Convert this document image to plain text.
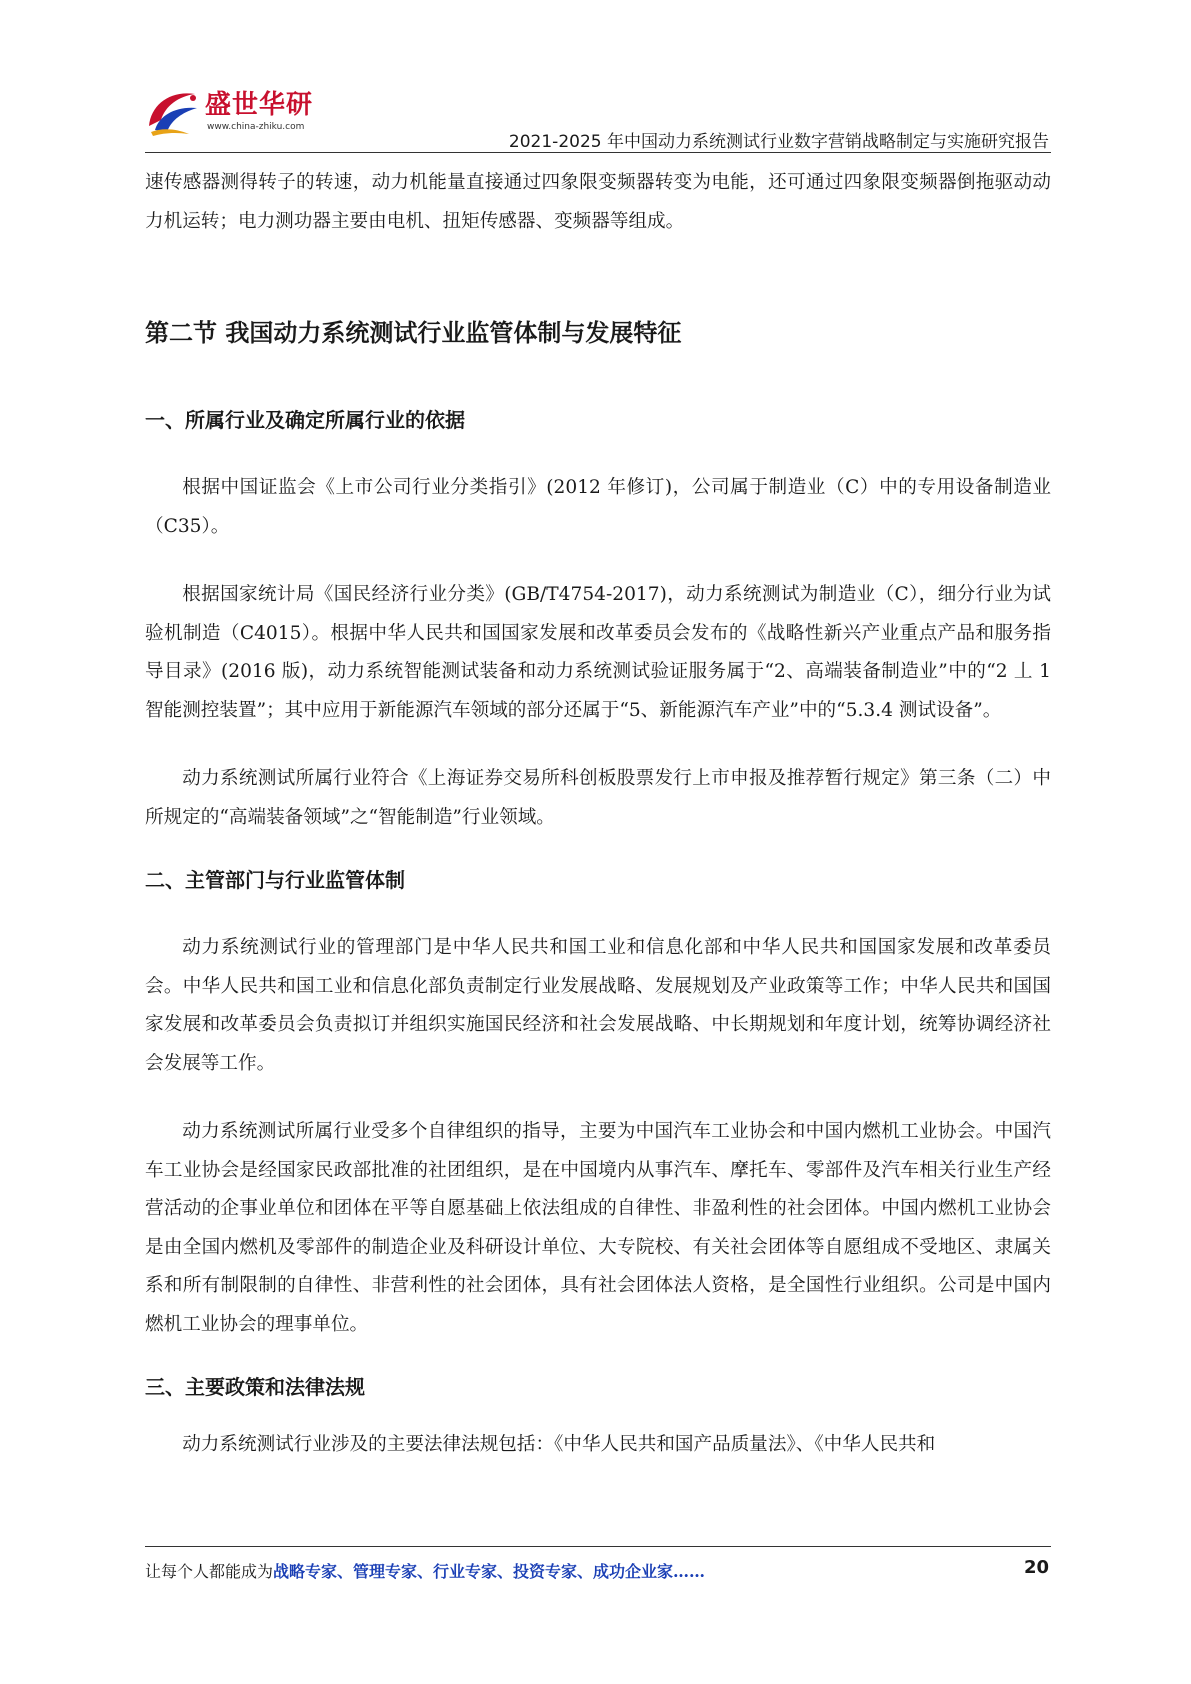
盛世华研
www.china-zhiku.com
2021-2025 年中国动力系统测试行业数字营销战略制定与实施研究报告

速传感器测得转子的转速，动力机能量直接通过四象限变频器转变为电能，还可通过四象限变频器倒拖驱动动力机运转；电力测功器主要由电机、扭矩传感器、变频器等组成。

第二节 我国动力系统测试行业监管体制与发展特征
一、所属行业及确定所属行业的依据

根据中国证监会《上市公司行业分类指引》(2012 年修订)，公司属于制造业（C）中的专用设备制造业（C35）。

根据国家统计局《国民经济行业分类》(GB/T4754-2017)，动力系统测试为制造业（C），细分行业为试验机制造（C4015）。根据中华人民共和国国家发展和改革委员会发布的《战略性新兴产业重点产品和服务指导目录》(2016 版)，动力系统智能测试装备和动力系统测试验证服务属于“2、高端装备制造业”中的“2 丄 1 智能测控装置”；其中应用于新能源汽车领域的部分还属于“5、新能源汽车产业”中的“5.3.4 测试设备”。

动力系统测试所属行业符合《上海证券交易所科创板股票发行上市申报及推荐暂行规定》第三条（二）中所规定的“高端装备领域”之“智能制造”行业领域。

二、主管部门与行业监管体制

动力系统测试行业的管理部门是中华人民共和国工业和信息化部和中华人民共和国国家发展和改革委员会。中华人民共和国工业和信息化部负责制定行业发展战略、发展规划及产业政策等工作；中华人民共和国国家发展和改革委员会负责拟订并组织实施国民经济和社会发展战略、中长期规划和年度计划，统筹协调经济社会发展等工作。

动力系统测试所属行业受多个自律组织的指导，主要为中国汽车工业协会和中国内燃机工业协会。中国汽车工业协会是经国家民政部批准的社团组织，是在中国境内从事汽车、摩托车、零部件及汽车相关行业生产经营活动的企事业单位和团体在平等自愿基础上依法组成的自律性、非盈利性的社会团体。中国内燃机工业协会是由全国内燃机及零部件的制造企业及科研设计单位、大专院校、有关社会团体等自愿组成不受地区、隶属关系和所有制限制的自律性、非营利性的社会团体，具有社会团体法人资格，是全国性行业组织。公司是中国内燃机工业协会的理事单位。

三、主要政策和法律法规

动力系统测试行业涉及的主要法律法规包括：《中华人民共和国产品质量法》、《中华人民共和

让每个人都能成为战略专家、管理专家、行业专家、投资专家、成功企业家……	20
